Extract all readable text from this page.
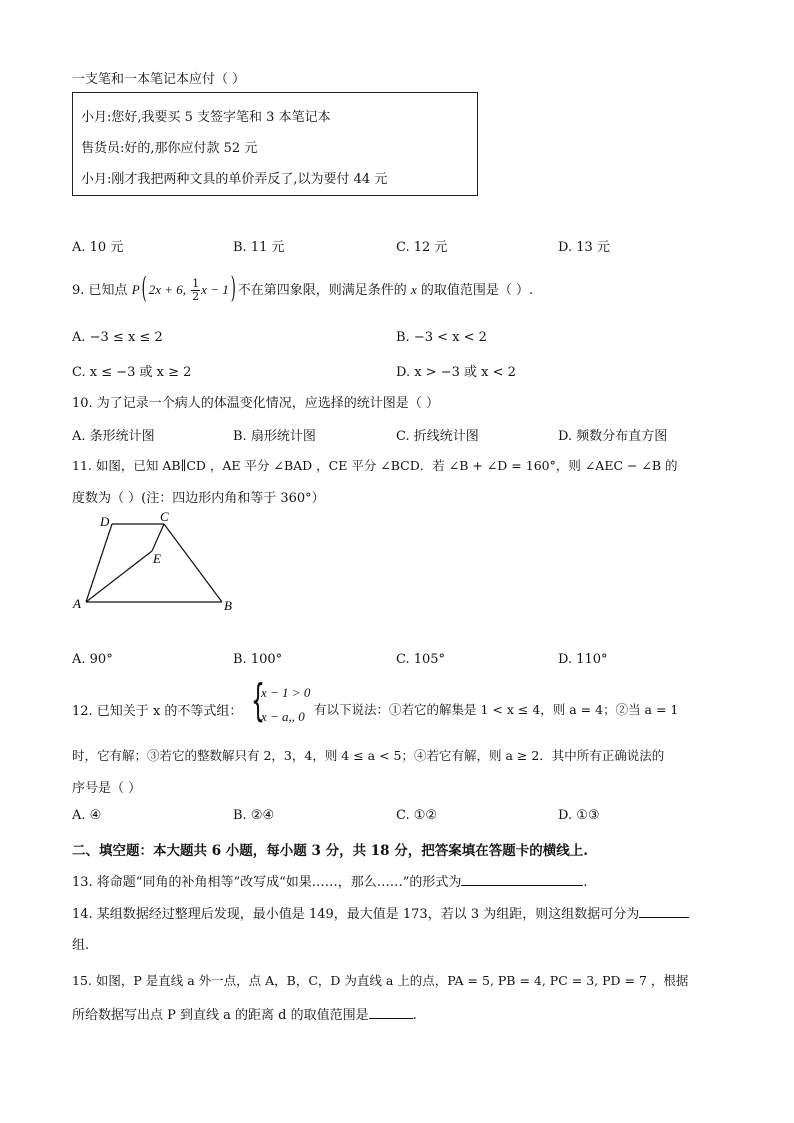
一支笔和一本笔记本应付（ ）
小月:您好,我要买 5 支签字笔和 3 本笔记本
售货员:好的,那你应付款 52 元
小月:刚才我把两种文具的单价弄反了,以为要付 44 元
A. 10 元	B. 11 元	C. 12 元	D. 13 元
9. 已知点 P ( 2x + 6, $\frac{1}{2}$ x − 1 ) 不在第四象限，则满足条件的 x 的取值范围是（ ）.
A. −3 ≤ x ≤ 2	B. −3 < x < 2
C. x ≤ −3 或 x ≥ 2	D. x > −3 或 x < 2
10. 为了记录一个病人的体温变化情况，应选择的统计图是（ ）
A. 条形统计图	B. 扇形统计图	C. 折线统计图	D. 频数分布直方图
11. 如图，已知 AB∥CD ，AE 平分 ∠BAD ，CE 平分 ∠BCD．若 ∠B + ∠D = 160°，则 ∠AEC − ∠B 的
度数为（ ）(注：四边形内角和等于 360°）
D	C
E
A	B
A. 90°	B. 100°	C. 105°	D. 110°
12. 已知关于 x 的不等式组： {
x − 1 > 0
x − a,, 0 有以下说法：①若它的解集是 1 < x ≤ 4，则 a = 4；②当 a = 1
时，它有解；③若它的整数解只有 2，3，4，则 4 ≤ a < 5；④若它有解，则 a ≥ 2．其中所有正确说法的
序号是（ ）
A. ④	B. ②④	C. ①②	D. ①③
二、填空题：本大题共 6 小题，每小题 3 分，共 18 分，把答案填在答题卡的横线上.
13. 将命题“同角的补角相等”改写成“如果……，那么……”的形式为	.
14. 某组数据经过整理后发现，最小值是 149，最大值是 173，若以 3 为组距，则这组数据可分为
组.
15. 如图，P 是直线 a 外一点，点 A，B，C，D 为直线 a 上的点，PA = 5, PB = 4, PC = 3, PD = 7 ，根据
所给数据写出点 P 到直线 a 的距离 d 的取值范围是	.
